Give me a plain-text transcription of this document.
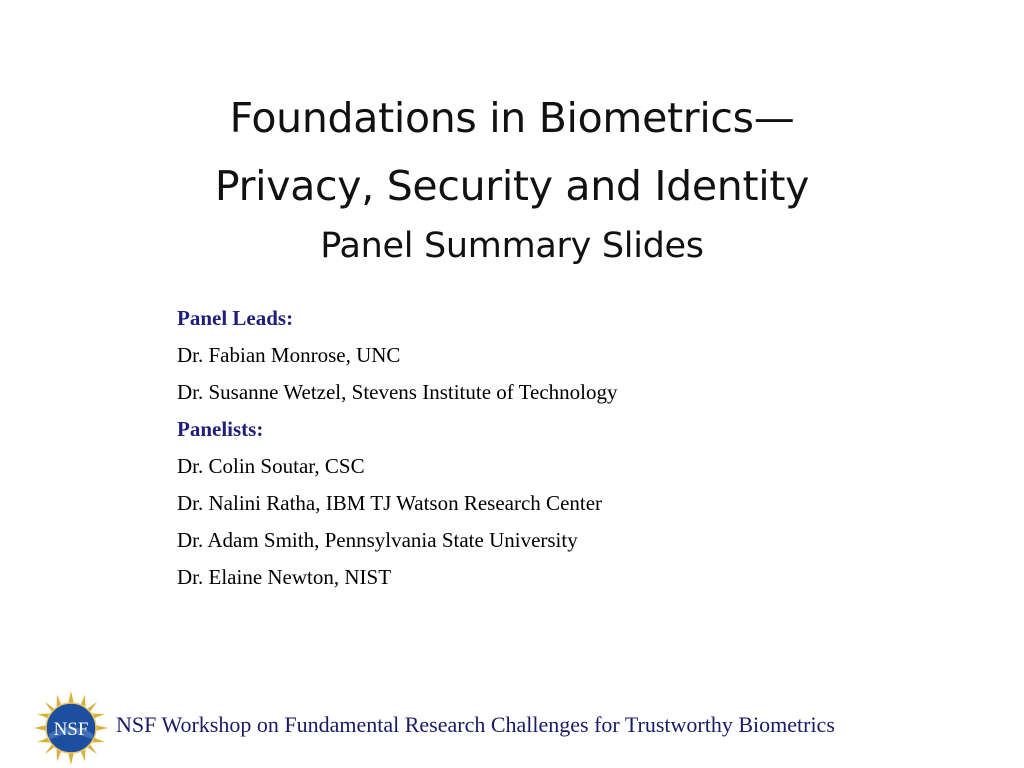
Foundations in Biometrics—
Privacy, Security and Identity
Panel Summary Slides
Panel Leads:
Dr. Fabian Monrose, UNC
Dr. Susanne Wetzel, Stevens Institute of Technology
Panelists:
Dr. Colin Soutar, CSC
Dr. Nalini Ratha, IBM TJ Watson Research Center
Dr. Adam Smith, Pennsylvania State University
Dr. Elaine Newton, NIST
NSF NSF Workshop on Fundamental Research Challenges for Trustworthy Biometrics
